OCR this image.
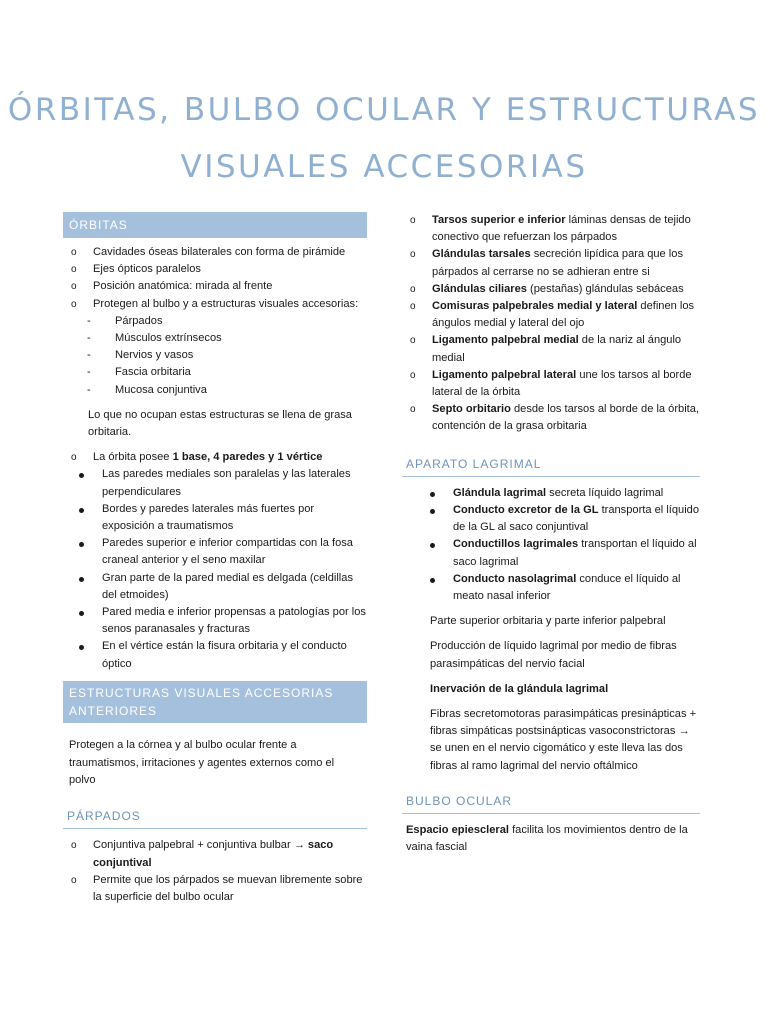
ÓRBITAS, BULBO OCULAR Y ESTRUCTURAS
VISUALES ACCESORIAS
ÓRBITAS
o Cavidades óseas bilaterales con forma de pirámide
o Ejes ópticos paralelos
o Posición anatómica: mirada al frente
o Protegen al bulbo y a estructuras visuales accesorias:
- Párpados
- Músculos extrínsecos
- Nervios y vasos
- Fascia orbitaria
- Mucosa conjuntiva

Lo que no ocupan estas estructuras se llena de grasa orbitaria.

o La órbita posee 1 base, 4 paredes y 1 vértice
Las paredes mediales son paralelas y las laterales perpendiculares
Bordes y paredes laterales más fuertes por exposición a traumatismos
Paredes superior e inferior compartidas con la fosa craneal anterior y el seno maxilar
Gran parte de la pared medial es delgada (celdillas del etmoides)
Pared media e inferior propensas a patologías por los senos paranasales y fracturas
En el vértice están la fisura orbitaria y el conducto óptico
ESTRUCTURAS VISUALES ACCESORIAS ANTERIORES

Protegen a la córnea y al bulbo ocular frente a traumatismos, irritaciones y agentes externos como el polvo

PÁRPADOS
o Conjuntiva palpebral + conjuntiva bulbar → saco conjuntival
o Permite que los párpados se muevan libremente sobre la superficie del bulbo ocular
o Tarsos superior e inferior láminas densas de tejido conectivo que refuerzan los párpados
o Glándulas tarsales secreción lipídica para que los párpados al cerrarse no se adhieran entre si
o Glándulas ciliares (pestañas) glándulas sebáceas
o Comisuras palpebrales medial y lateral definen los ángulos medial y lateral del ojo
o Ligamento palpebral medial de la nariz al ángulo medial
o Ligamento palpebral lateral une los tarsos al borde lateral de la órbita
o Septo orbitario desde los tarsos al borde de la órbita, contención de la grasa orbitaria
APARATO LAGRIMAL
Glándula lagrimal secreta líquido lagrimal
Conducto excretor de la GL transporta el líquido de la GL al saco conjuntival
Conductillos lagrimales transportan el líquido al saco lagrimal
Conducto nasolagrimal conduce el líquido al meato nasal inferior

Parte superior orbitaria y parte inferior palpebral

Producción de líquido lagrimal por medio de fibras parasimpáticas del nervio facial

Inervación de la glándula lagrimal

Fibras secretomotoras parasimpáticas presinápticas + fibras simpáticas postsinápticas vasoconstrictoras → se unen en el nervio cigomático y este lleva las dos fibras al ramo lagrimal del nervio oftálmico

BULBO OCULAR

Espacio epiescleral facilita los movimientos dentro de la vaina fascial
